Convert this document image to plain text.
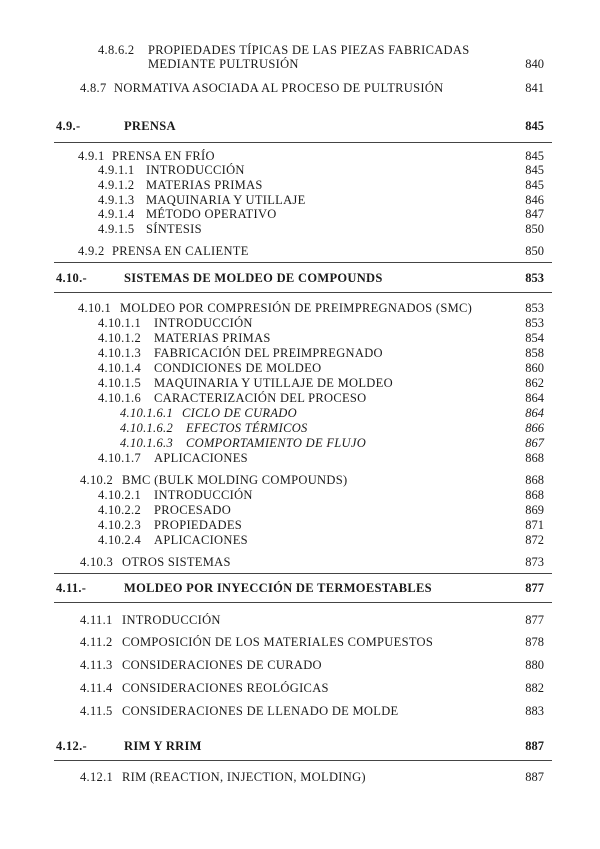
4.8.6.2 PROPIEDADES TÍPICAS DE LAS PIEZAS FABRICADAS
MEDIANTE PULTRUSIÓN	840
4.8.7 NORMATIVA ASOCIADA AL PROCESO DE PULTRUSIÓN	841
4.9.-	PRENSA	845
4.9.1 PRENSA EN FRÍO	845
4.9.1.1 INTRODUCCIÓN	845
4.9.1.2 MATERIAS PRIMAS	845
4.9.1.3 MAQUINARIA Y UTILLAJE	846
4.9.1.4 MÉTODO OPERATIVO	847
4.9.1.5 SÍNTESIS	850
4.9.2 PRENSA EN CALIENTE	850
4.10.-	SISTEMAS DE MOLDEO DE COMPOUNDS	853
4.10.1 MOLDEO POR COMPRESIÓN DE PREIMPREGNADOS (SMC)	853
4.10.1.1 INTRODUCCIÓN	853
4.10.1.2 MATERIAS PRIMAS	854
4.10.1.3 FABRICACIÓN DEL PREIMPREGNADO	858
4.10.1.4 CONDICIONES DE MOLDEO	860
4.10.1.5 MAQUINARIA Y UTILLAJE DE MOLDEO	862
4.10.1.6 CARACTERIZACIÓN DEL PROCESO	864
4.10.1.6.1 CICLO DE CURADO	864
4.10.1.6.2 EFECTOS TÉRMICOS	866
4.10.1.6.3 COMPORTAMIENTO DE FLUJO	867
4.10.1.7 APLICACIONES	868
4.10.2 BMC (BULK MOLDING COMPOUNDS)	868
4.10.2.1 INTRODUCCIÓN	868
4.10.2.2 PROCESADO	869
4.10.2.3 PROPIEDADES	871
4.10.2.4 APLICACIONES	872
4.10.3 OTROS SISTEMAS	873
4.11.-	MOLDEO POR INYECCIÓN DE TERMOESTABLES	877
4.11.1 INTRODUCCIÓN	877
4.11.2 COMPOSICIÓN DE LOS MATERIALES COMPUESTOS	878
4.11.3 CONSIDERACIONES DE CURADO	880
4.11.4 CONSIDERACIONES REOLÓGICAS	882
4.11.5 CONSIDERACIONES DE LLENADO DE MOLDE	883
4.12.-	RIM Y RRIM	887
4.12.1 RIM (REACTION, INJECTION, MOLDING)	887
